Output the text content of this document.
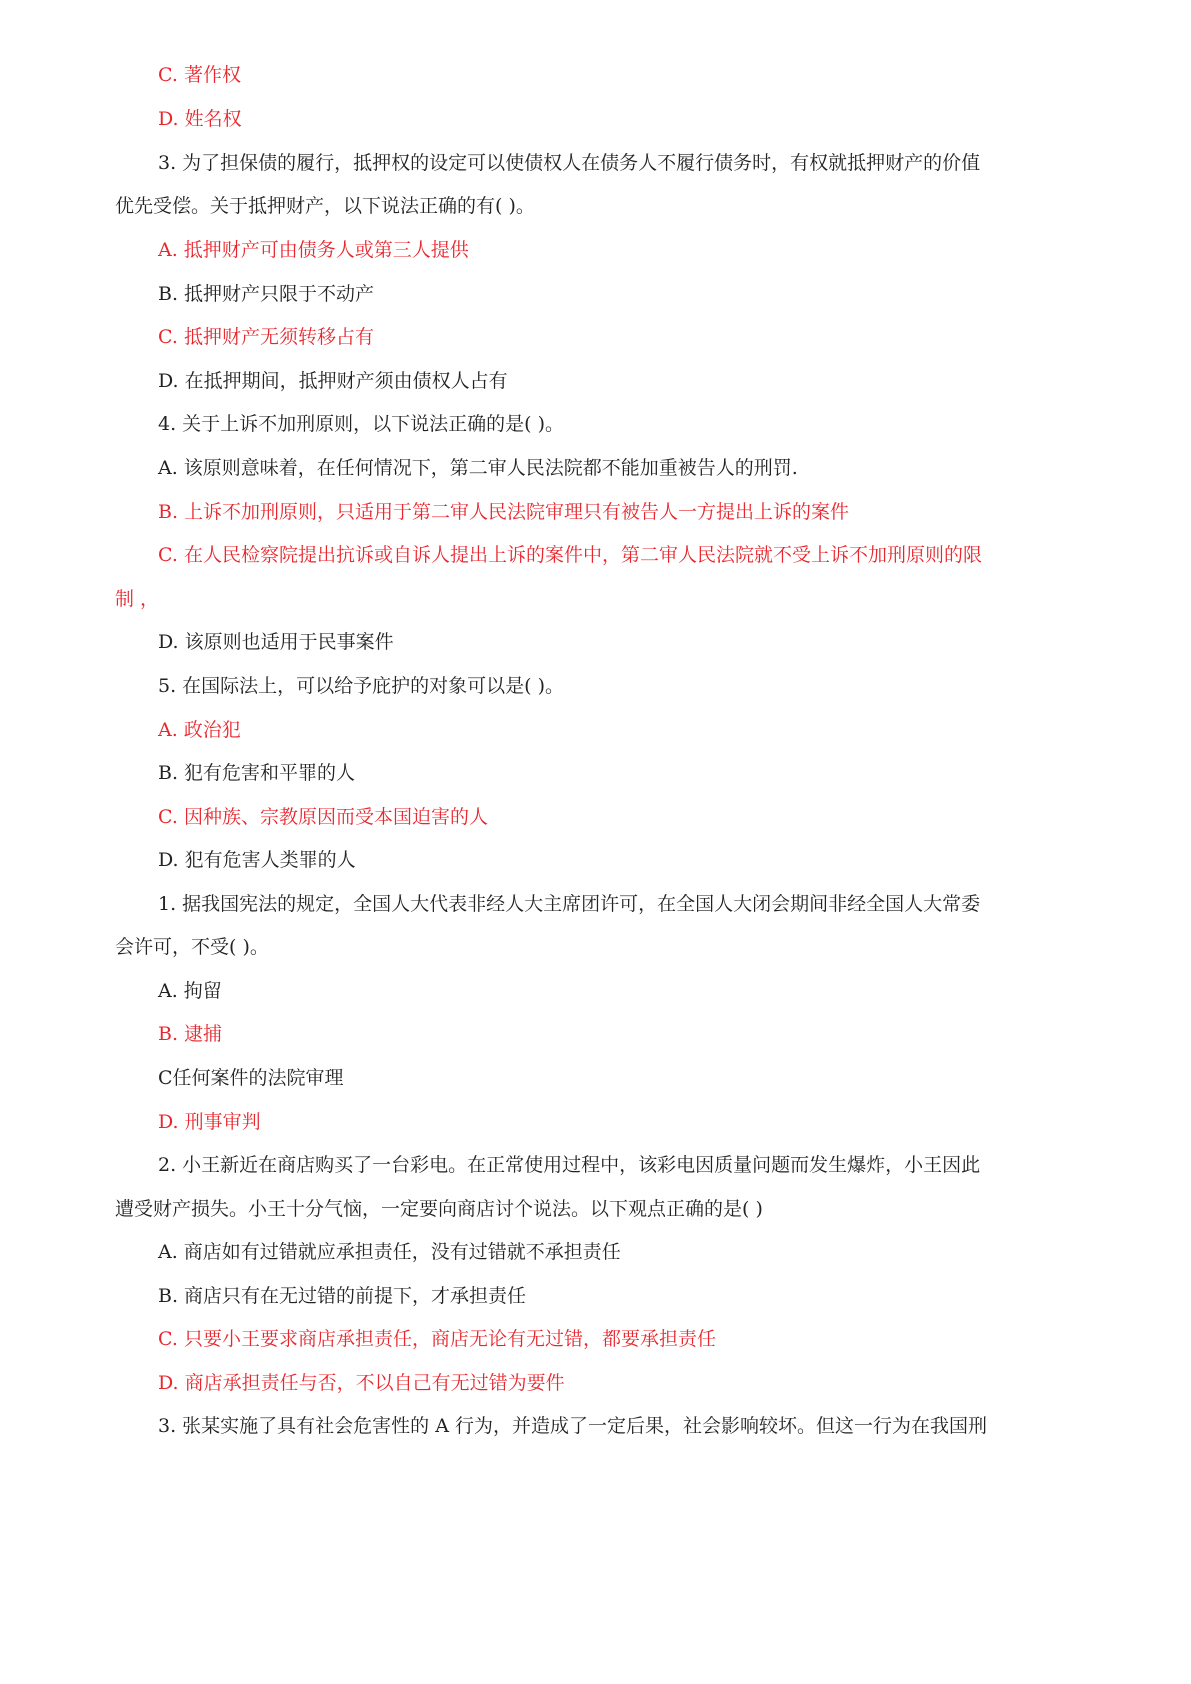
C. 著作权
D. 姓名权
3. 为了担保债的履行，抵押权的设定可以使债权人在债务人不履行债务时，有权就抵押财产的价值
优先受偿。关于抵押财产，以下说法正确的有( )。
A. 抵押财产可由债务人或第三人提供
B. 抵押财产只限于不动产
C. 抵押财产无须转移占有
D. 在抵押期间，抵押财产须由债权人占有
4. 关于上诉不加刑原则，以下说法正确的是( )。
A. 该原则意味着，在任何情况下，第二审人民法院都不能加重被告人的刑罚.
B. 上诉不加刑原则，只适用于第二审人民法院审理只有被告人一方提出上诉的案件
C. 在人民检察院提出抗诉或自诉人提出上诉的案件中，第二审人民法院就不受上诉不加刑原则的限
制 ，
D. 该原则也适用于民事案件
5. 在国际法上，可以给予庇护的对象可以是( )。
A. 政治犯
B. 犯有危害和平罪的人
C. 因种族、宗教原因而受本国迫害的人
D. 犯有危害人类罪的人
1. 据我国宪法的规定，全国人大代表非经人大主席团许可，在全国人大闭会期间非经全国人大常委
会许可，不受( )。
A. 拘留
B. 逮捕
C任何案件的法院审理
D. 刑事审判
2. 小王新近在商店购买了一台彩电。在正常使用过程中，该彩电因质量问题而发生爆炸，小王因此
遭受财产损失。小王十分气恼，一定要向商店讨个说法。以下观点正确的是( )
A. 商店如有过错就应承担责任，没有过错就不承担责任
B. 商店只有在无过错的前提下，才承担责任
C. 只要小王要求商店承担责任，商店无论有无过错，都要承担责任
D. 商店承担责任与否，不以自己有无过错为要件
3. 张某实施了具有社会危害性的 A 行为，并造成了一定后果，社会影响较坏。但这一行为在我国刑
